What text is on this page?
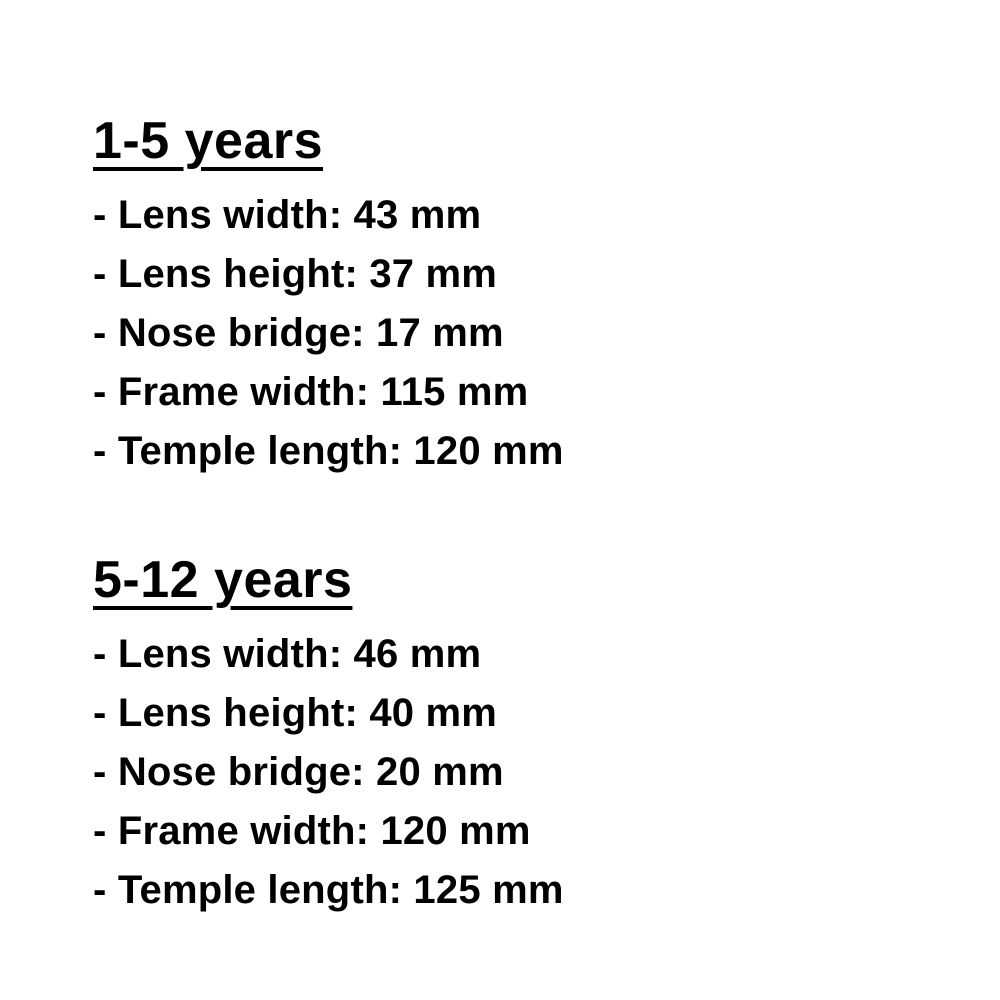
1-5 years
- Lens width: 43 mm
- Lens height: 37 mm
- Nose bridge: 17 mm
- Frame width: 115 mm
- Temple length: 120 mm
5-12 years
- Lens width: 46 mm
- Lens height: 40 mm
- Nose bridge: 20 mm
- Frame width: 120 mm
- Temple length: 125 mm
